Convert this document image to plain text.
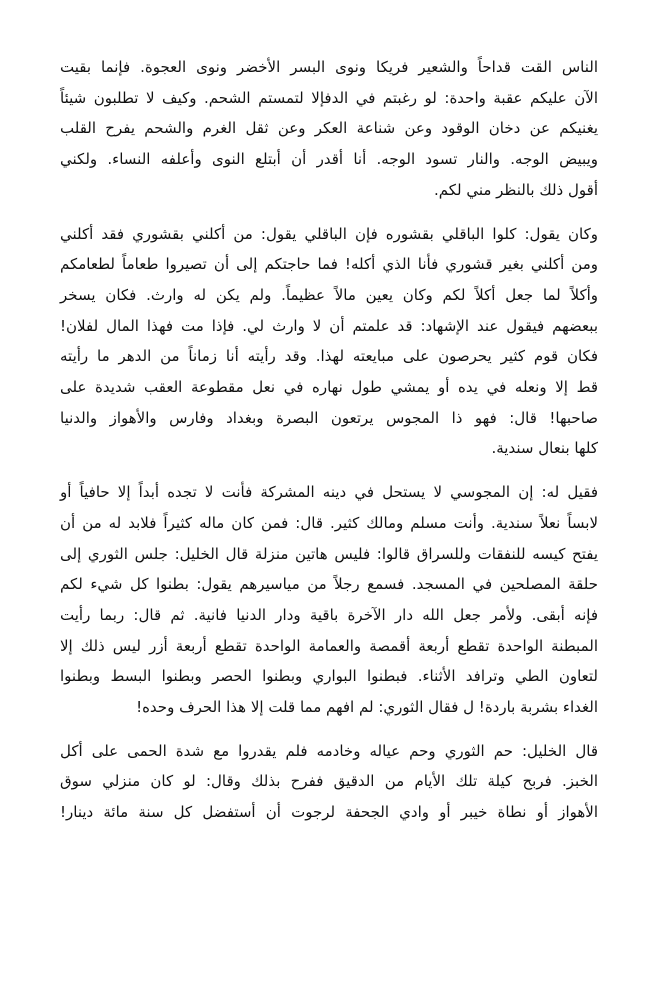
الناس القت قداحاً والشعير فريكا ونوى البسر الأخضر ونوى العجوة. فإنما بقيت
الآن عليكم عقبة واحدة: لو رغبتم في الدفإلا لتمستم الشحم. وكيف لا تطلبون شيئاً
يغنيكم عن دخان الوقود وعن شناعة العكر وعن ثقل الغرم والشحم يفرح القلب
ويبيض الوجه. والنار تسود الوجه. أنا أقدر أن أبتلع النوى وأعلفه النساء. ولكني
أقول ذلك بالنظر مني لكم.
وكان يقول: كلوا الباقلي بقشوره فإن الباقلي يقول: من أكلني بقشوري فقد أكلني
ومن أكلني بغير قشوري فأنا الذي أكله! فما حاجتكم إلى أن تصيروا طعاماً لطعامكم
وأكلاً لما جعل أكلاً لكم وكان يعين مالاً عظيماً. ولم يكن له وارث. فكان يسخر
ببعضهم فيقول عند الإشهاد: قد علمتم أن لا وارث لي. فإذا مت فهذا المال لفلان!
فكان قوم كثير يحرصون على مبايعته لهذا. وقد رأيته أنا زماناً من الدهر ما رأيته
قط إلا ونعله في يده أو يمشي طول نهاره في نعل مقطوعة العقب شديدة على
صاحبها! قال: فهو ذا المجوس يرتعون البصرة وبغداد وفارس والأهواز والدنيا
كلها بنعال سندية.
فقيل له: إن المجوسي لا يستحل في دينه المشركة فأنت لا تجده أبداً إلا حافياً أو
لابساً نعلاً سندية. وأنت مسلم ومالك كثير. قال: فمن كان ماله كثيراً فلابد له من أن
يفتح كيسه للنفقات وللسراق قالوا: فليس هاتين منزلة قال الخليل: جلس الثوري إلى
حلقة المصلحين في المسجد. فسمع رجلاً من مياسيرهم يقول: بطنوا كل شيء لكم
فإنه أبقى. ولأمر جعل الله دار الآخرة باقية ودار الدنيا فانية. ثم قال: ربما رأيت
المبطنة الواحدة تقطع أربعة أقمصة والعمامة الواحدة تقطع أربعة أزر ليس ذلك إلا
لتعاون الطي وترافد الأثناء. فبطنوا البواري وبطنوا الحصر وبطنوا البسط وبطنوا
الغداء بشربة باردة! ل فقال الثوري: لم افهم مما قلت إلا هذا الحرف وحده!
قال الخليل: حم الثوري وحم عياله وخادمه فلم يقدروا مع شدة الحمى على أكل
الخبز. فربح كيلة تلك الأيام من الدقيق ففرح بذلك وقال: لو كان منزلي سوق
الأهواز أو نطاة خيبر أو وادي الجحفة لرجوت أن أستفضل كل سنة مائة دينار!
